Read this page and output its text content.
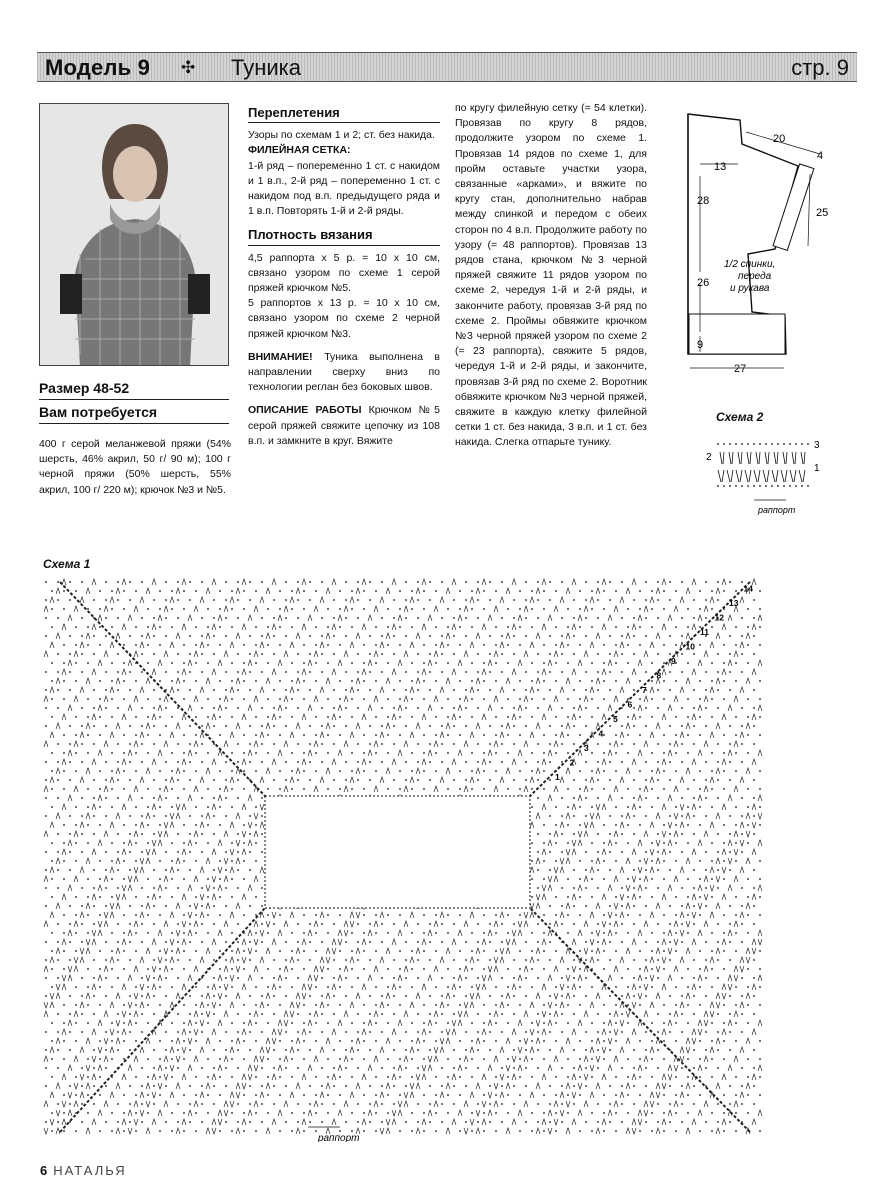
Модель 9 ✣ Туника	стр. 9
Размер 48-52
Вам потребуется
400 г серой меланжевой пряжи (54% шерсть, 46% акрил, 50 г/ 90 м); 100 г черной пряжи (50% шерсть, 55% акрил, 100 г/ 220 м); крючок №3 и №5.
Переплетения

Узоры по схемам 1 и 2; ст. без накида.

ФИЛЕЙНАЯ СЕТКА:

1-й ряд – попеременно 1 ст. с накидом и 1 в.п., 2-й ряд – попеременно 1 ст. с накидом под в.п. предыдущего ряда и 1 в.п. Повторять 1-й и 2-й ряды.

Плотность вязания

4,5 раппорта х 5 р. = 10 х 10 см, связано узором по схеме 1 серой пряжей крючком №5.

5 раппортов х 13 р. = 10 х 10 см, связано узором по схеме 2 черной пряжей крючком №3.

ВНИМАНИЕ! Туника выполнена в направлении сверху вниз по технологии реглан без боковых швов.

ОПИСАНИЕ РАБОТЫ Крючком №5 серой пряжей свяжите цепочку из 108 в.п. и замкните в круг. Вяжите

по кругу филейную сетку (= 54 клетки). Провязав по кругу 8 рядов, продолжите узором по схеме 1. Провязав 14 рядов по схеме 1, для пройм оставьте участки узора, связанные «арками», и вяжите по кругу стан, дополнительно набрав между спинкой и передом с обеих сторон по 4 в.п. Продолжите работу по узору (= 48 раппортов). Провязав 13 рядов стана, крючком №3 черной пряжей свяжите 11 рядов узором по схеме 2, чередуя 1-й и 2-й ряды, и закончите работу, провязав 3-й ряд по схеме 2. Проймы обвяжите крючком №3 черной пряжей узором по схеме 2 (= 23 раппорта), свяжите 5 рядов, чередуя 1-й и 2-й ряды, и закончите, провязав 3-й ряд по схеме 2. Воротник обвяжите крючком №3 черной пряжей, свяжите в каждую клетку филейной сетки 1 ст. без накида, 3 в.п. и 1 ст. без накида. Слегка отпарьте тунику.
20
4
13
25
28
26
9
27
1/2 спинки,
переда
и рукава
Схема 2
3
2
1
раппорт
Схема 1
1
2
3
4
5
6
7
8
9
10
11
12
13
14
раппорт
6 НАТАЛЬЯ
